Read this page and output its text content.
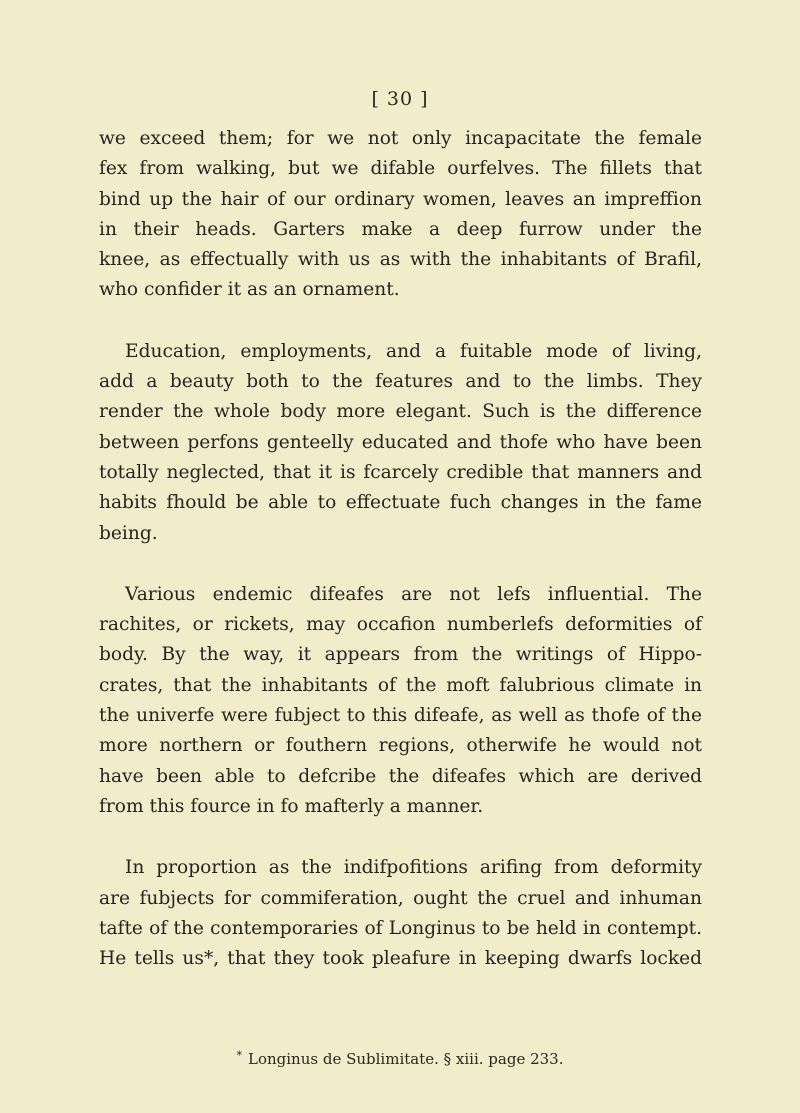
[ 30 ]
we exceed them; for we not only incapacitate the female
fex from walking, but we difable ourfelves. The fillets that
bind up the hair of our ordinary women, leaves an impreffion
in their heads. Garters make a deep furrow under the
knee, as effectually with us as with the inhabitants of Brafil,
who confider it as an ornament.
Education, employments, and a fuitable mode of living,
add a beauty both to the features and to the limbs. They
render the whole body more elegant. Such is the difference
between perfons genteelly educated and thofe who have been
totally neglected, that it is fcarcely credible that manners and
habits fhould be able to effectuate fuch changes in the fame
being.
Various endemic difeafes are not lefs influential. The
rachites, or rickets, may occafion numberlefs deformities of
body. By the way, it appears from the writings of Hippo-
crates, that the inhabitants of the moft falubrious climate in
the univerfe were fubject to this difeafe, as well as thofe of the
more northern or fouthern regions, otherwife he would not
have been able to defcribe the difeafes which are derived
from this fource in fo mafterly a manner.
In proportion as the indifpofitions arifing from deformity
are fubjects for commiferation, ought the cruel and inhuman
tafte of the contemporaries of Longinus to be held in contempt.
He tells us*, that they took pleafure in keeping dwarfs locked
* Longinus de Sublimitate. § xiii. page 233.
